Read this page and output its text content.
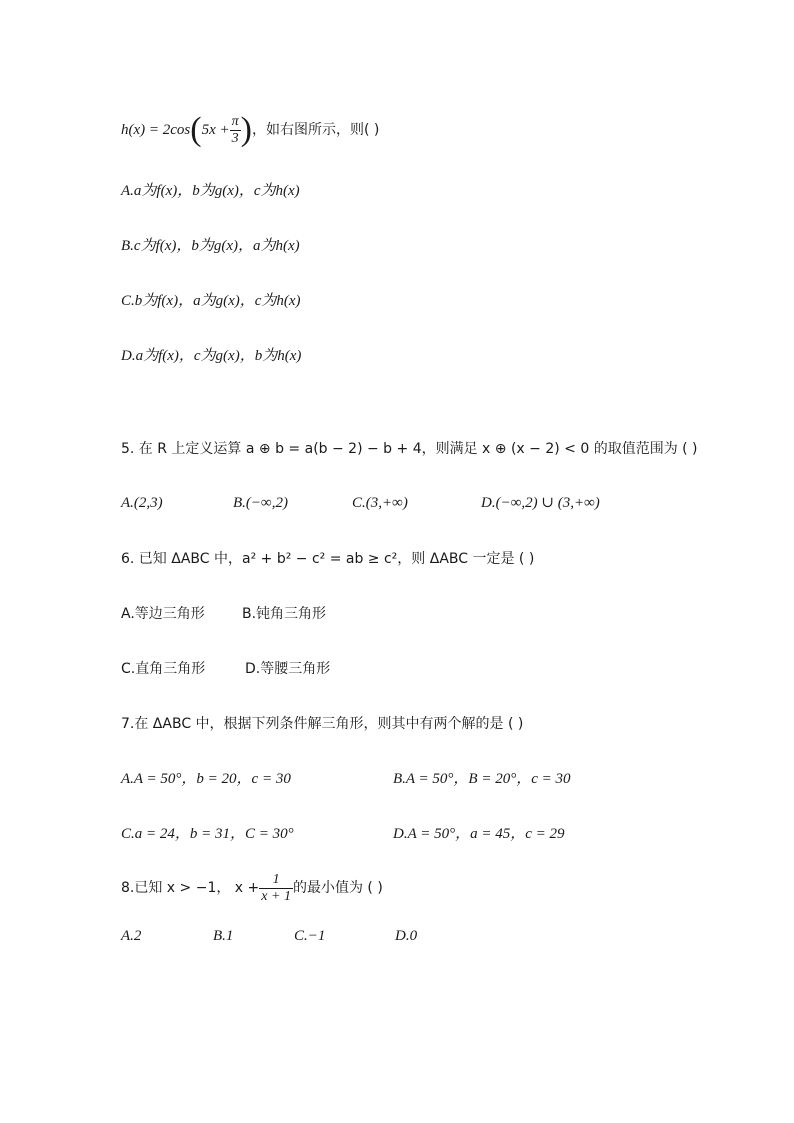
$h(x) = 2\cos(5x + \frac{\pi}{3}$ )，如右图所示，则( )
A.a为f(x)，b为g(x)，c为h(x)
B.c为f(x)，b为g(x)，a为h(x)
C.b为f(x)，a为g(x)，c为h(x)
D.a为f(x)，c为g(x)，b为h(x)
5. 在 R 上定义运算 a ⊕ b = a(b − 2) − b + 4，则满足 x ⊕ (x − 2) < 0 的取值范围为 ( )
A.(2,3)	B.(−∞,2)	C.(3,+∞)	D.(−∞,2) ∪ (3,+∞)
6. 已知 ΔABC 中，a² + b² − c² = ab ≥ c²，则 ΔABC 一定是 ( )
A.等边三角形	B.钝角三角形
C.直角三角形	D.等腰三角形
7.在 ΔABC 中，根据下列条件解三角形，则其中有两个解的是 ( )
A.A = 50°，b = 20，c = 30	B.A = 50°，B = 20°，c = 30
C.a = 24，b = 31，C = 30°	D.A = 50°，a = 45，c = 29
8.已知 x > −1， $x + \frac{1}{x + 1}$ 的最小值为 ( )
A.2	B.1	C.−1	D.0
